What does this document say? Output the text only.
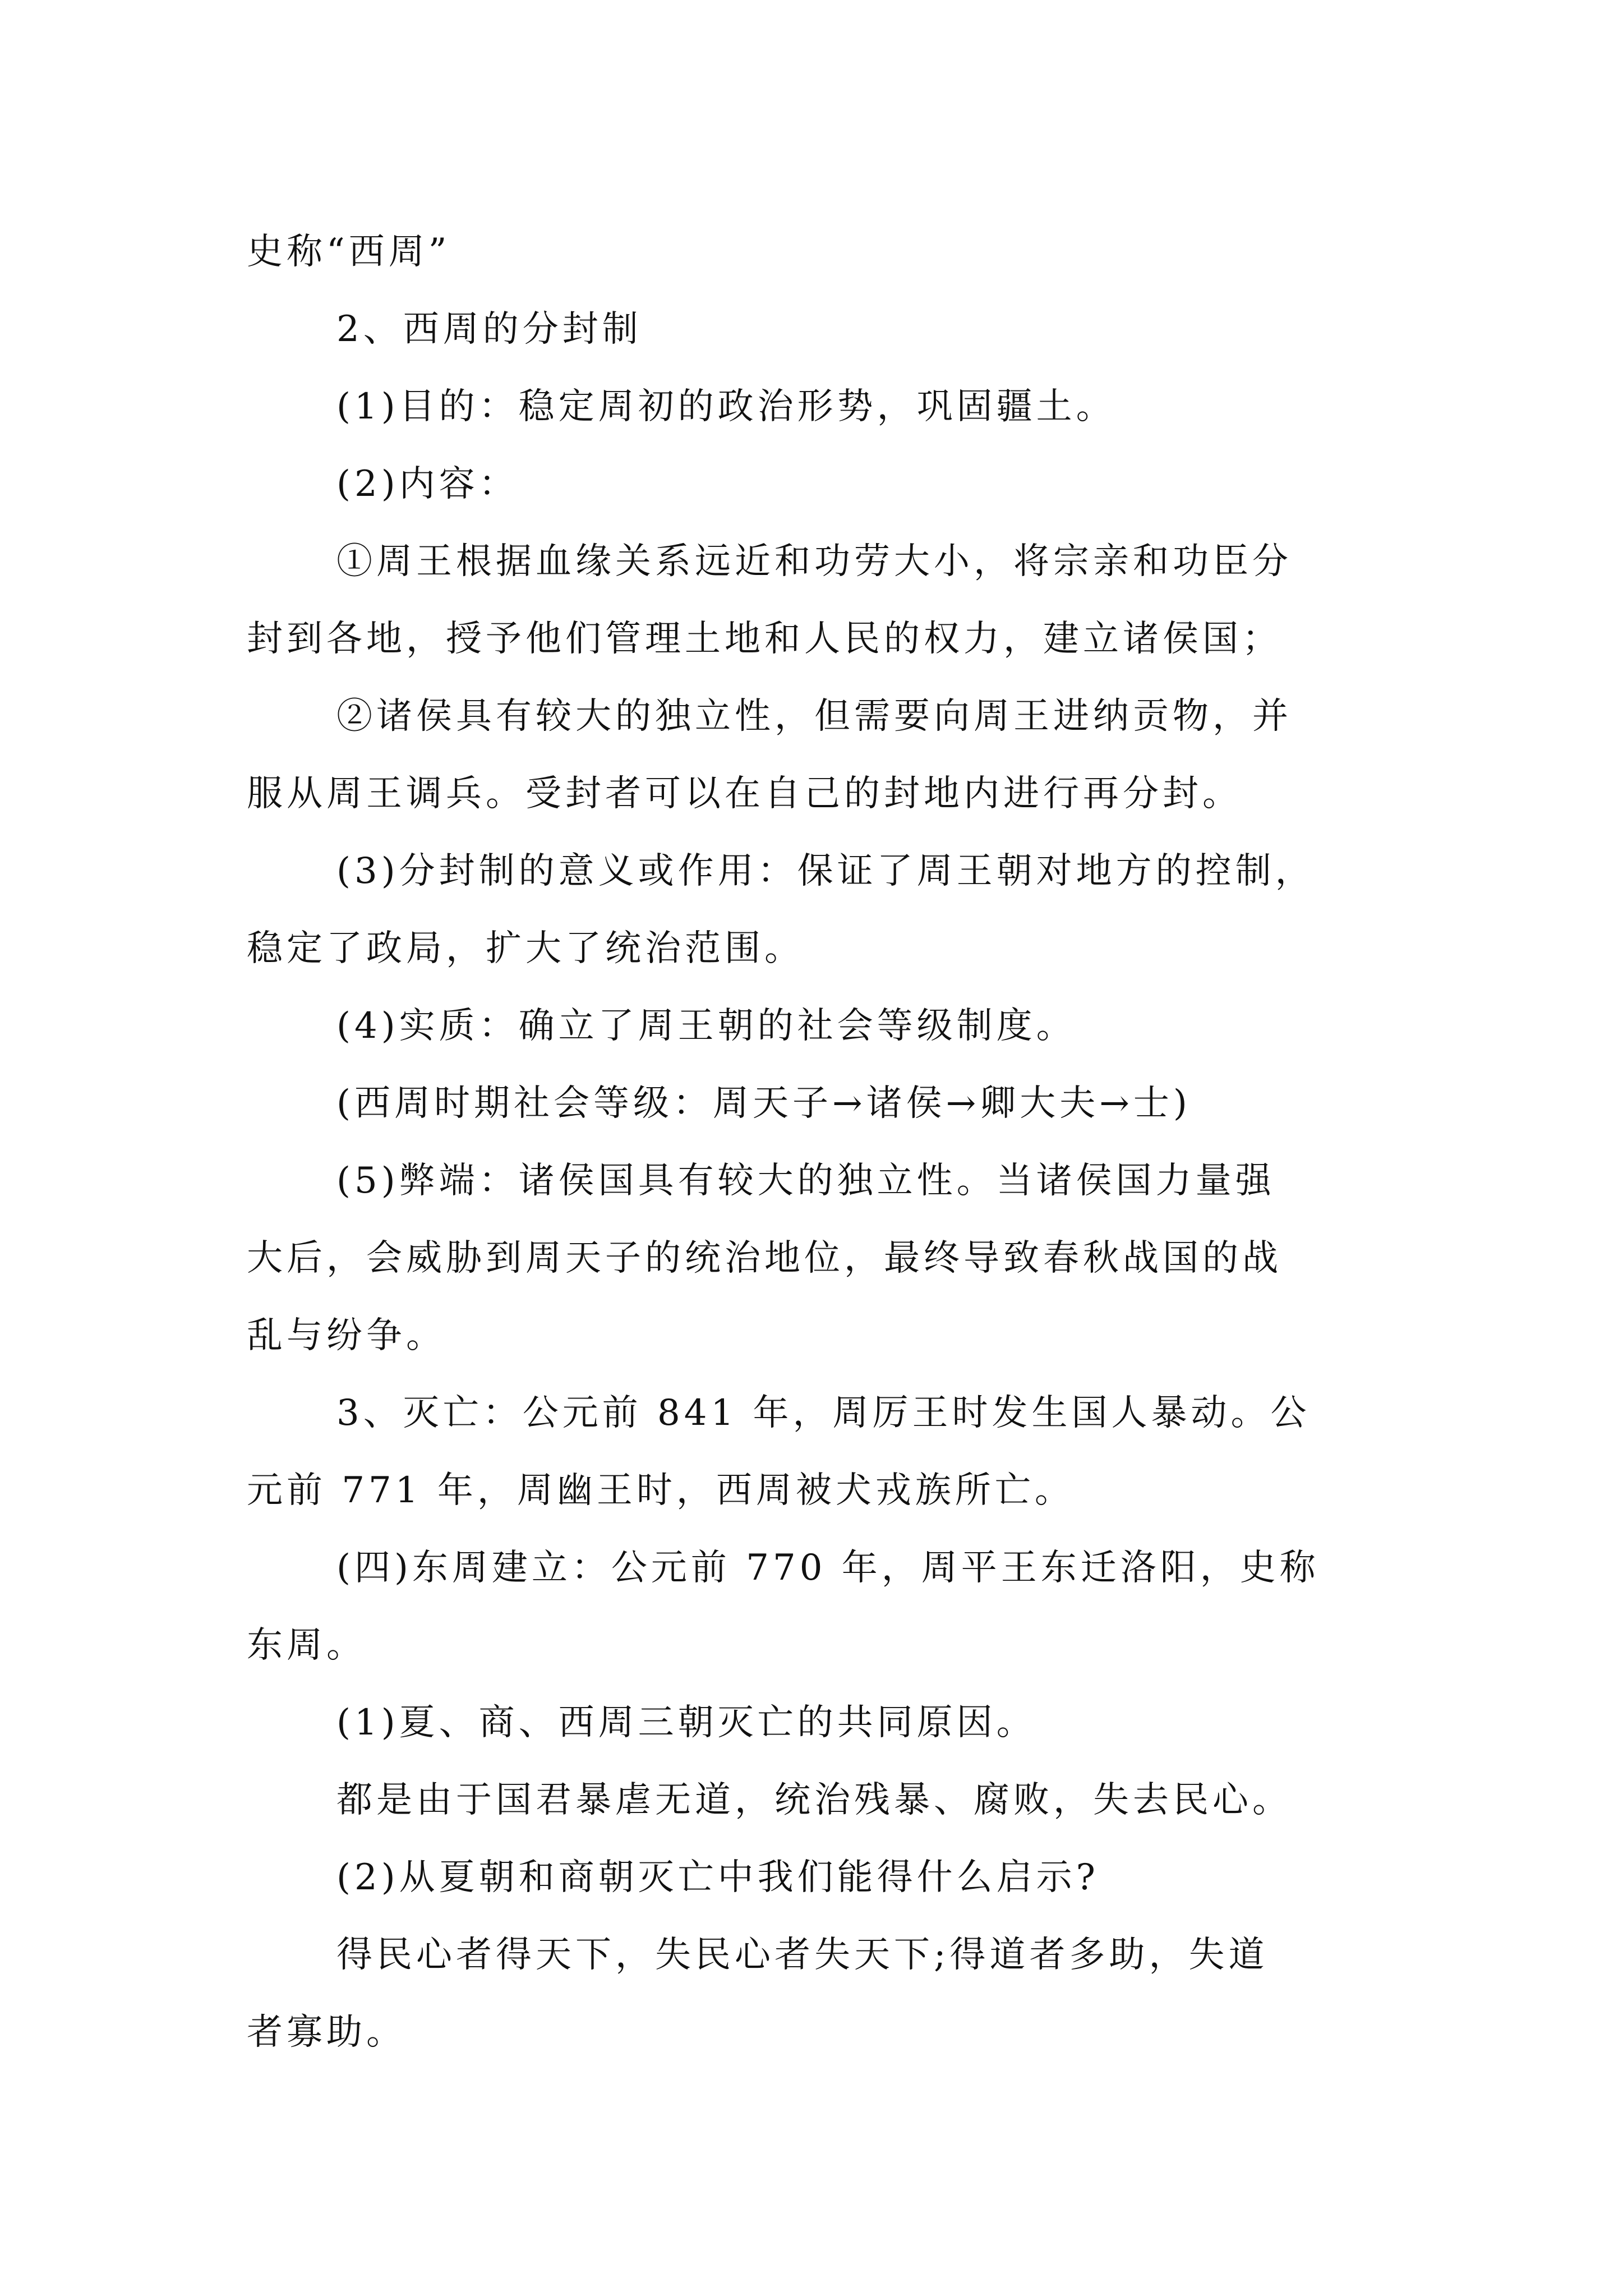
史称“西周”
2、西周的分封制
(1)目的：稳定周初的政治形势，巩固疆土。
(2)内容：
①周王根据血缘关系远近和功劳大小，将宗亲和功臣分
封到各地，授予他们管理土地和人民的权力，建立诸侯国；
②诸侯具有较大的独立性，但需要向周王进纳贡物，并
服从周王调兵。受封者可以在自己的封地内进行再分封。
(3)分封制的意义或作用：保证了周王朝对地方的控制，
稳定了政局，扩大了统治范围。
(4)实质：确立了周王朝的社会等级制度。
(西周时期社会等级：周天子→诸侯→卿大夫→士)
(5)弊端：诸侯国具有较大的独立性。当诸侯国力量强
大后，会威胁到周天子的统治地位，最终导致春秋战国的战
乱与纷争。
3、灭亡：公元前 841 年，周厉王时发生国人暴动。公
元前 771 年，周幽王时，西周被犬戎族所亡。
(四)东周建立：公元前 770 年，周平王东迁洛阳，史称
东周。
(1)夏、商、西周三朝灭亡的共同原因。
都是由于国君暴虐无道，统治残暴、腐败，失去民心。
(2)从夏朝和商朝灭亡中我们能得什么启示?
得民心者得天下，失民心者失天下;得道者多助，失道
者寡助。
